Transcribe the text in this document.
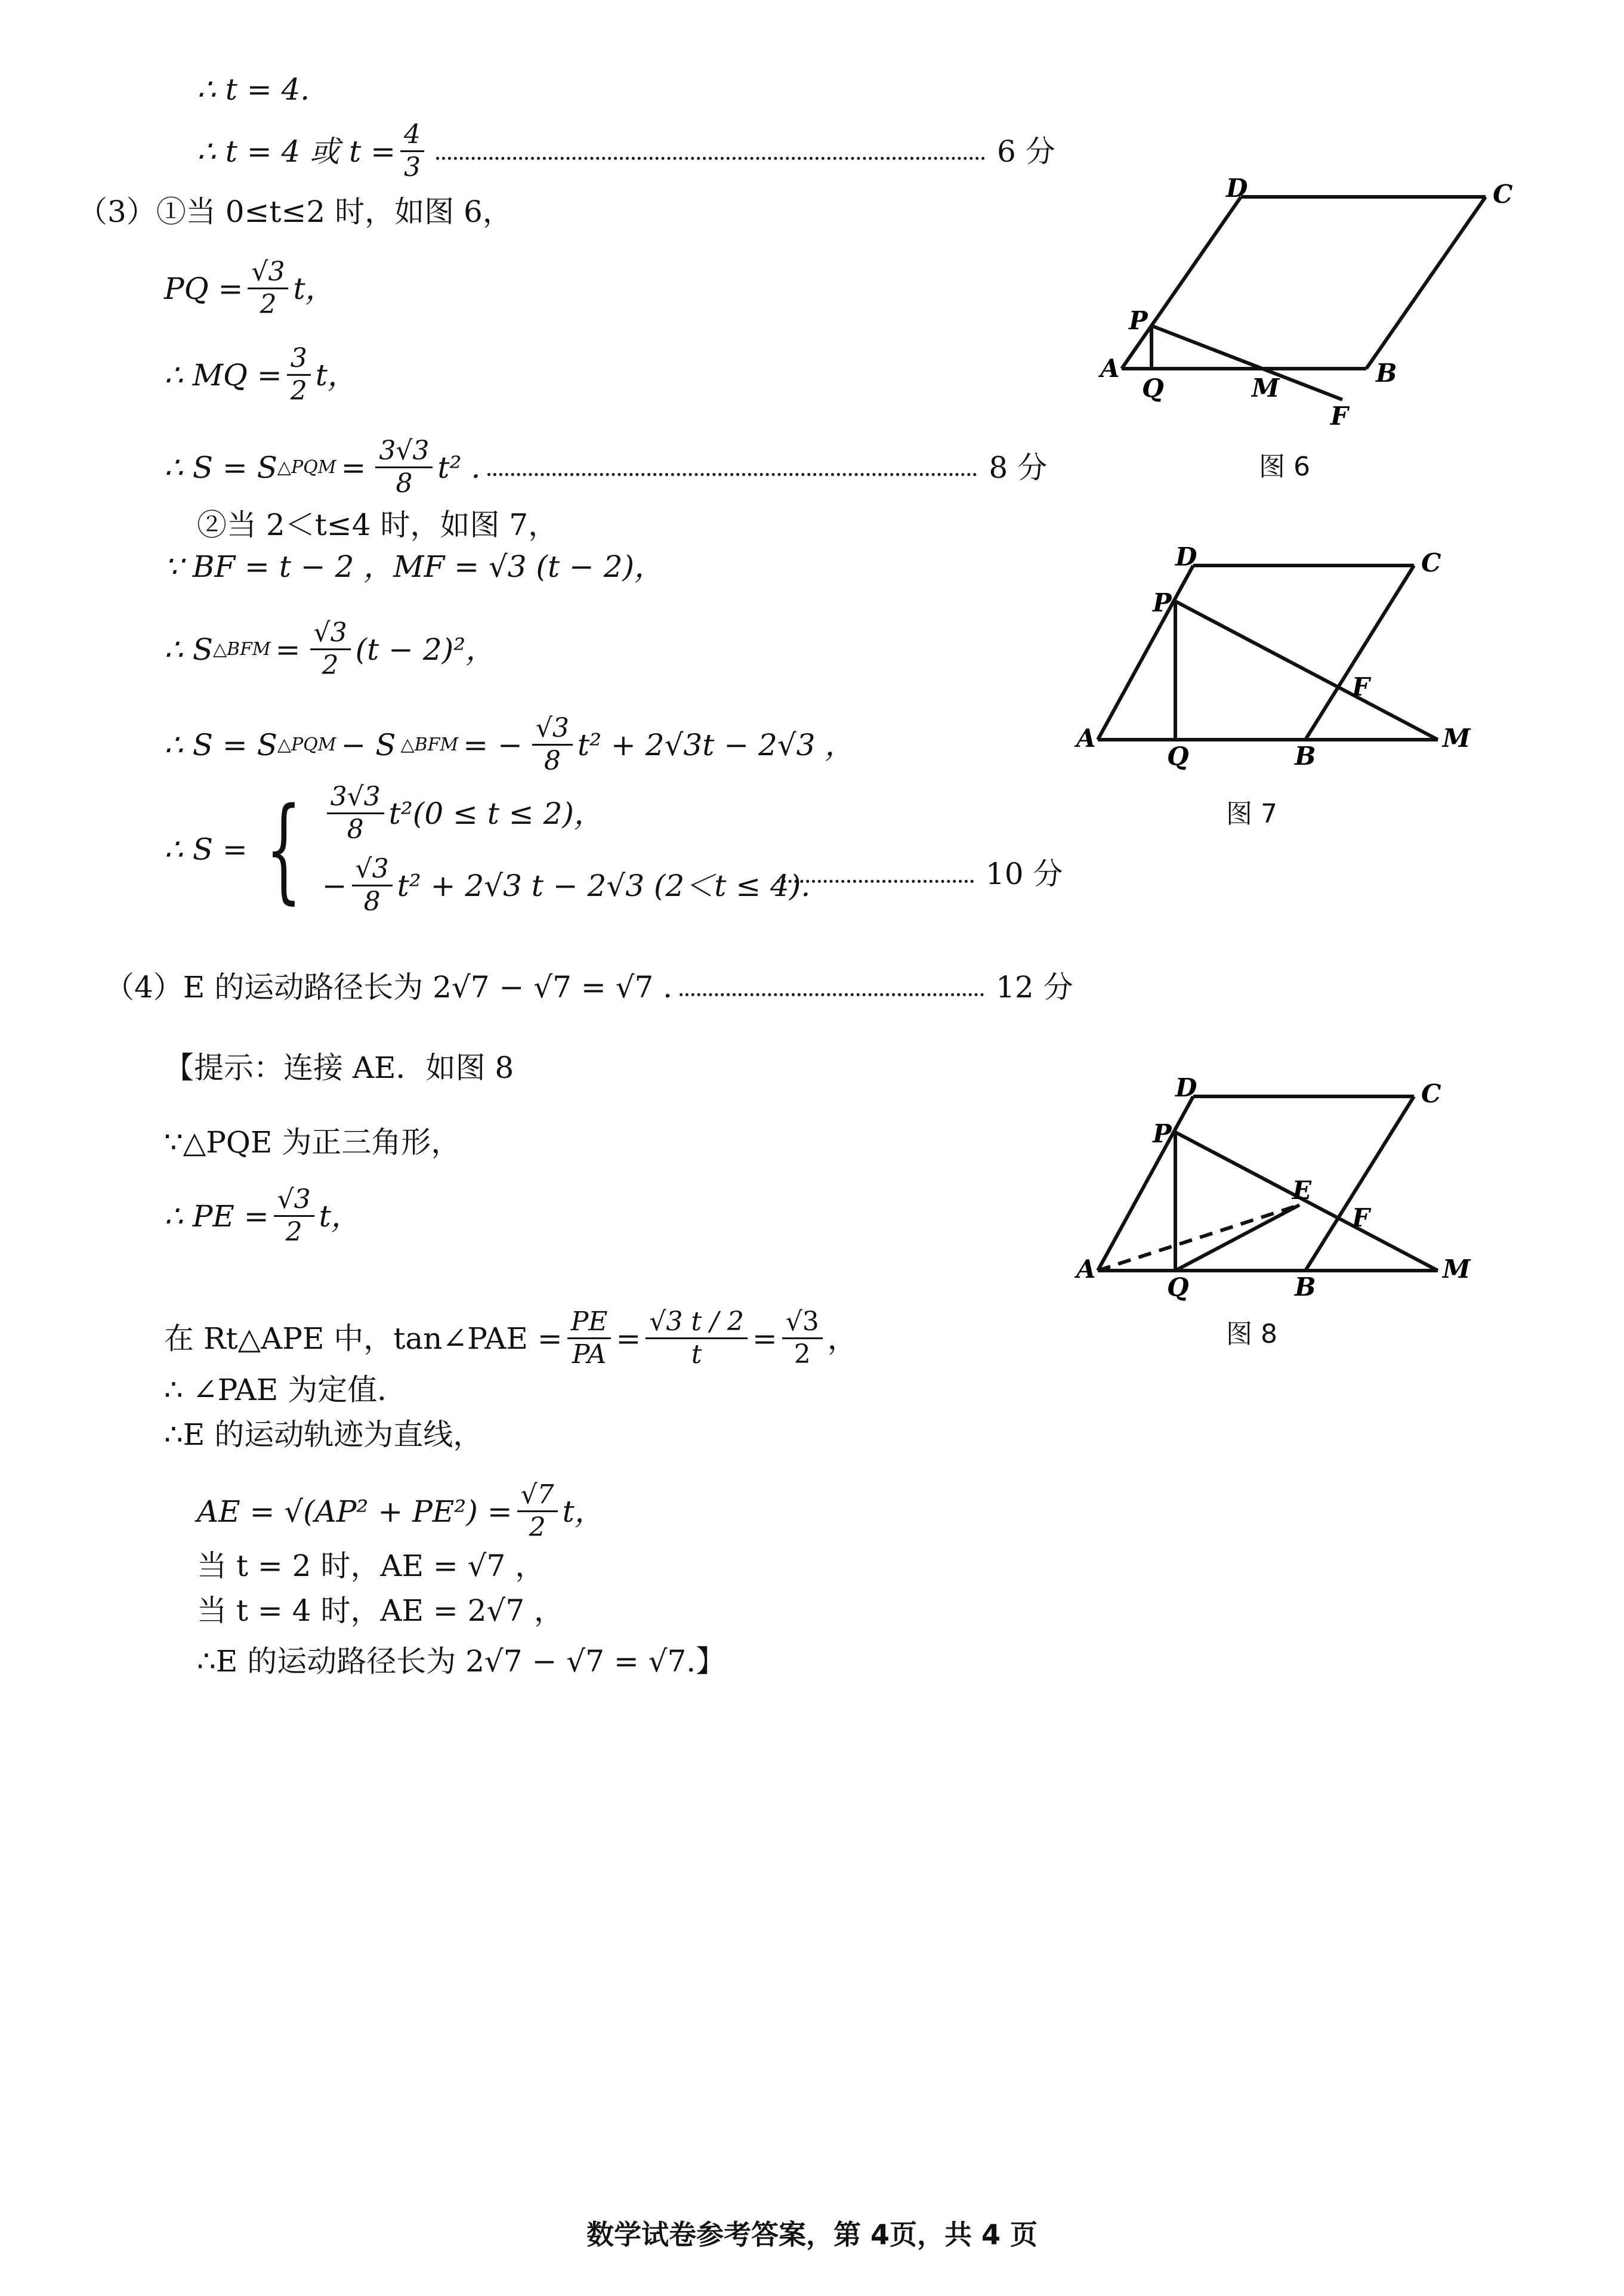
∴ t = 4.
∴ t = 4 或 $t = \frac{4}{3}$	6 分
（3）①当 0≤t≤2 时，如图 6，
PQ = $\frac{√3}{2}$ t，
∴ MQ = $\frac{3}{2}$ t，
∴ S = S △PQM = $\frac{3√3}{8} t^2$ .	8 分
②当 2＜t≤4 时，如图 7，
∵ BF = t − 2 ，MF = √3 (t − 2)，
∴ S △BFM = $\frac{√3}{2} (t - 2)^2$，
∴ S = S △PQM − S △BFM = − $\frac{√3}{8} t^2 + 2√3t - 2√3$ ，
∴ S = { $\frac{3√3}{8} t^2(0 \le t \le 2)$，
− $\frac{√3}{8} t^2 + 2√3$ t − 2√3 (2＜t ≤ 4).	10 分
（4）E 的运动路径长为 2√7 − √7 = √7 .	12 分
【提示：连接 AE．如图 8
∵△PQE 为正三角形，
∴ PE = $\frac{√3}{2}$ t，
在 Rt△APE 中，tan∠PAE = $\frac{PE}{PA} = \frac{√3 t / 2}{t} = \frac{√3}{2}$ ，
∴ ∠PAE 为定值．
∴E 的运动轨迹为直线，
AE = $√(AP^2 + PE^2) = \frac{√7}{2}$ t，
当 t = 2 时，AE = √7 ，
当 t = 4 时，AE = 2√7 ，
∴E 的运动路径长为 2√7 − √7 = √7.】
D	C
P
A
Q	M
B
F
图 6
D	C
P
F
A
Q	B
M
图 7
D	C
P
E
F
A
Q	B
M
图 8
数学试卷参考答案，第 4页，共 4 页
